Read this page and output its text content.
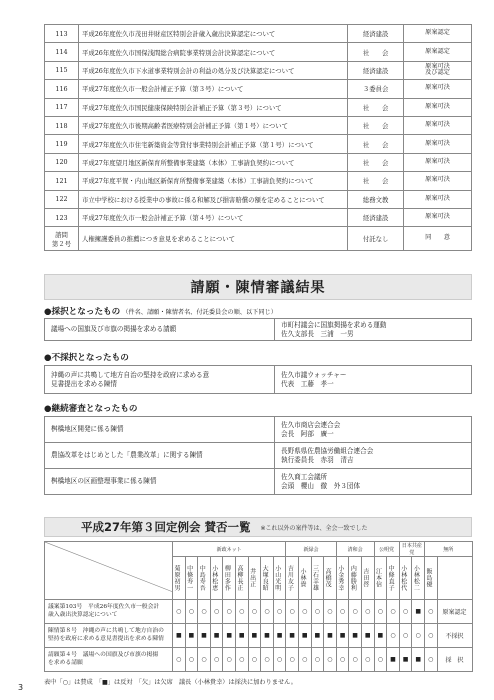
113	平成26年度佐久市茂田井財産区特別会計歳入歳出決算認定について	経済建設	原案認定
114	平成26年度佐久市国保浅間総合病院事業特別会計決算認定について	社　　会	原案認定
115	平成26年度佐久市下水道事業特別会計の利益の処分及び決算認定について	経済建設	原案可決
及び認定
116	平成27年度佐久市一般会計補正予算（第３号）について	３委員会	原案可決
117	平成27年度佐久市国民健康保険特別会計補正予算（第３号）について	社　　会	原案可決
118	平成27年度佐久市後期高齢者医療特別会計補正予算（第１号）について	社　　会	原案可決
119	平成27年度佐久市住宅新築資金等貸付事業特別会計補正予算（第１号）について	社　　会	原案可決
120	平成27年度望月地区新保育所整備事業建築（本体）工事請負契約について	社　　会	原案可決
121	平成27年度平賀・内山地区新保育所整備事業建築（本体）工事請負契約について	社　　会	原案可決
122	市立中学校における授業中の事故に係る和解及び損害賠償の額を定めることについて	総務文教	原案可決
123	平成27年度佐久市一般会計補正予算（第４号）について	経済建設	原案可決
諮問
第２号	人権擁護委員の推薦につき意見を求めることについて	付託なし	同　　意
請願・陳情審議結果
●採択となったもの （件名、請願・陳情者名、付託委員会の順、以下同じ）
議場への国旗及び市旗の掲揚を求める請願	市町村議会に国旗掲揚を求める運動
佐久支部長　三浦　一男
●不採択となったもの
沖縄の声に共鳴して地方自治の堅持を政府に求める意
見書提出を求める陳情	佐久市議ウォッチャー
代表　工藤　孝一
●継続審査となったもの
桝橋地区開発に係る陳情	佐久市商店会連合会
会長　阿部　廣一
農協改革をはじめとした「農業改革」に関する陳情	長野県県佐農協労働組合連合会
執行委員長　赤羽　清吉
桝橋地区の区画整理事業に係る陳情	佐久商工会議所
会頭　櫻山　徹　外３団体
平成27年第３回定例会 賛否一覧 ※これ以外の案件等は、全会一致でした
	新政ネット									新緑会				清和会			公明党		日本共産党		無所	

	菊原初男	中條寿一	中島寿吾	小林松恵	柳田多作	高柳長正	井出正	大塚良昭	小山光明	吉川友子	小林貴	三石幸雄	高橋茂	小金秀幸	内藤勝利	吉田啓	江本信	中條直子	小林松代	小林松二	飯島優		

議案第103号　平成26年度佐久市一般会計
歳入歳出決算認定について	○	○	○	○	○	○	○	○	○	○	○	○	○	○	○	○	○	○	○	■	○	原案認定	
陳情第８号　沖縄の声に共鳴して地方自治の
堅持を政府に求める意見書提出を求める陳情	■	■	■	■	■	■	■	■	■	■	■	■	■	■	■	■	■	○	○	○	○	不採択	
請願第４号　議場への国旗及び市旗の掲揚
を求める請願	○	○	○	○	○	○	○	○	○	○	○	○	○	○	○	○	○	■	■	■	○	採　択	
表中「○」は賛成　「■」は反対　「欠」は欠席　議長（小林貴幸）は採決に加わりません。
3
